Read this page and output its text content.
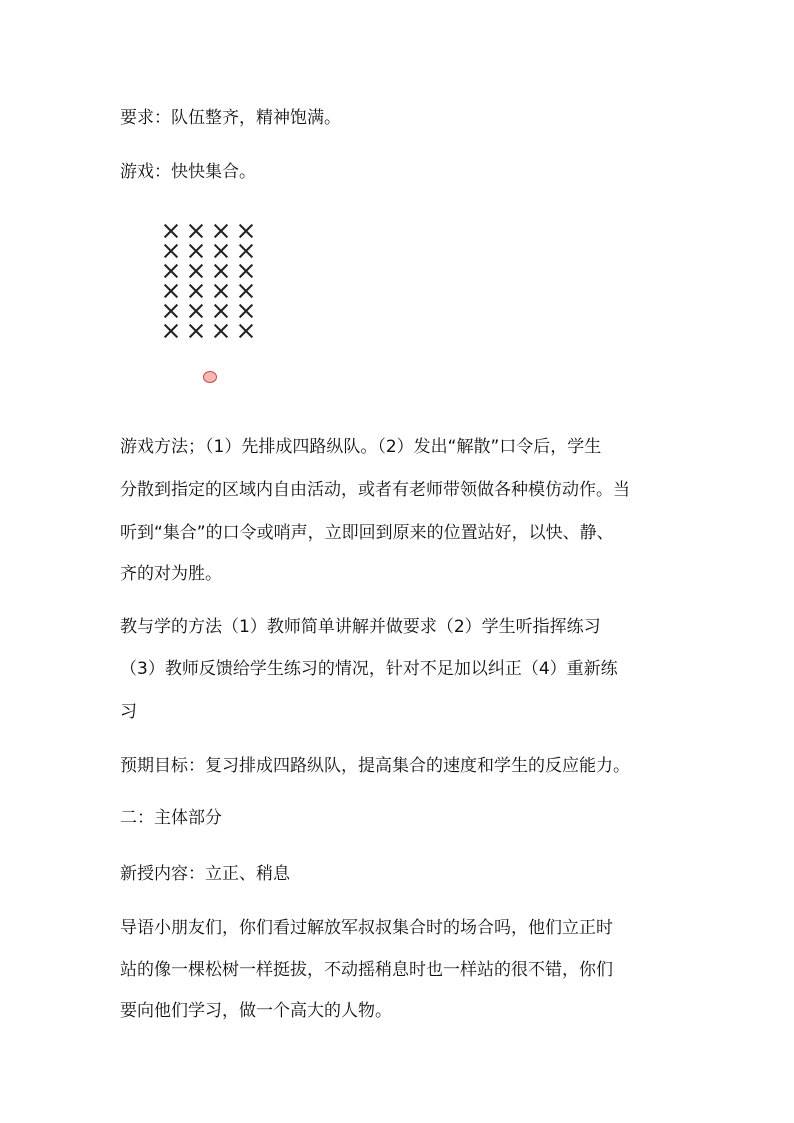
要求：队伍整齐，精神饱满。
游戏：快快集合。
游戏方法；（1）先排成四路纵队。（2）发出“解散”口令后，学生
分散到指定的区域内自由活动，或者有老师带领做各种模仿动作。当
听到“集合”的口令或哨声，立即回到原来的位置站好，以快、静、
齐的对为胜。
教与学的方法（1）教师简单讲解并做要求（2）学生听指挥练习
（3）教师反馈给学生练习的情况，针对不足加以纠正（4）重新练
习
预期目标：复习排成四路纵队，提高集合的速度和学生的反应能力。
二：主体部分
新授内容：立正、稍息
导语小朋友们，你们看过解放军叔叔集合时的场合吗，他们立正时
站的像一棵松树一样挺拔，不动摇稍息时也一样站的很不错，你们
要向他们学习，做一个高大的人物。
